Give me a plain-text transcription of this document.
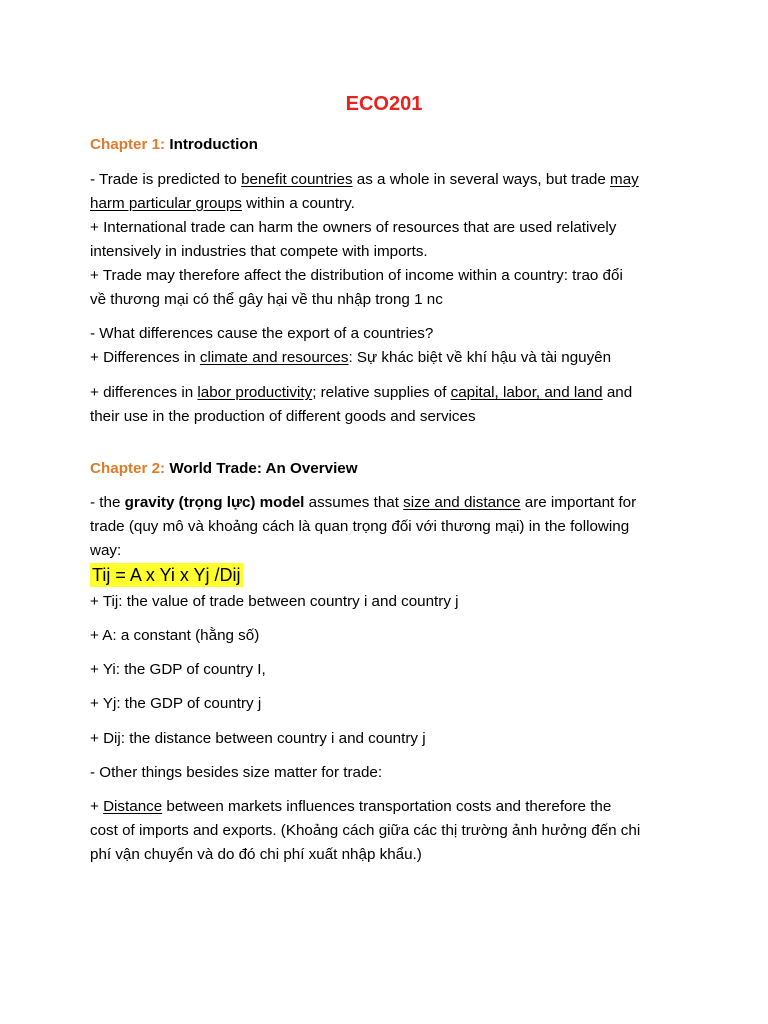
ECO201
Chapter 1: Introduction
- Trade is predicted to benefit countries as a whole in several ways, but trade may
harm particular groups within a country.
+ International trade can harm the owners of resources that are used relatively
intensively in industries that compete with imports.
+ Trade may therefore affect the distribution of income within a country: trao đổi
về thương mại có thể gây hại về thu nhập trong 1 nc
- What differences cause the export of a countries?
+ Differences in climate and resources: Sự khác biệt về khí hậu và tài nguyên
+ differences in labor productivity; relative supplies of capital, labor, and land and
their use in the production of different goods and services
Chapter 2: World Trade: An Overview
- the gravity (trọng lực) model assumes that size and distance are important for
trade (quy mô và khoảng cách là quan trọng đối với thương mại) in the following
way:
Tij = A x Yi x Yj /Dij
+ Tij: the value of trade between country i and country j
+ A: a constant (hằng số)
+ Yi: the GDP of country I,
+ Yj: the GDP of country j
+ Dij: the distance between country i and country j
- Other things besides size matter for trade:
+ Distance between markets influences transportation costs and therefore the
cost of imports and exports. (Khoảng cách giữa các thị trường ảnh hưởng đến chi
phí vận chuyển và do đó chi phí xuất nhập khẩu.)
